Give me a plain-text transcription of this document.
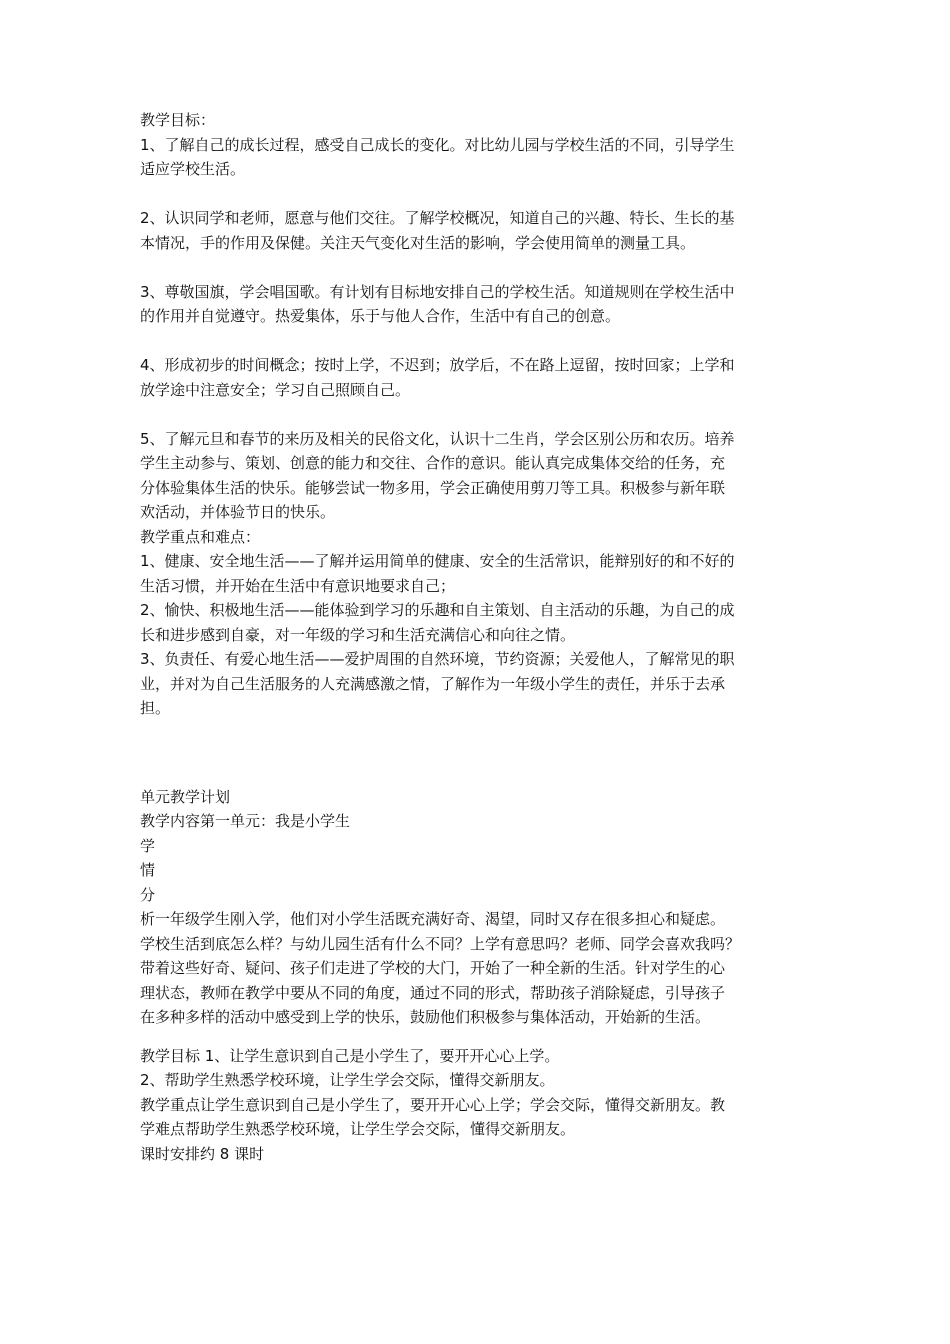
教学目标：
1、了解自己的成长过程，感受自己成长的变化。对比幼儿园与学校生活的不同，引导学生
适应学校生活。
2、认识同学和老师，愿意与他们交往。了解学校概况，知道自己的兴趣、特长、生长的基
本情况，手的作用及保健。关注天气变化对生活的影响，学会使用简单的测量工具。
3、尊敬国旗，学会唱国歌。有计划有目标地安排自己的学校生活。知道规则在学校生活中
的作用并自觉遵守。热爱集体，乐于与他人合作，生活中有自己的创意。
4、形成初步的时间概念；按时上学，不迟到；放学后，不在路上逗留，按时回家；上学和
放学途中注意安全；学习自己照顾自己。
5、了解元旦和春节的来历及相关的民俗文化，认识十二生肖，学会区别公历和农历。培养
学生主动参与、策划、创意的能力和交往、合作的意识。能认真完成集体交给的任务，充
分体验集体生活的快乐。能够尝试一物多用，学会正确使用剪刀等工具。积极参与新年联
欢活动，并体验节日的快乐。
教学重点和难点：
1、健康、安全地生活——了解并运用简单的健康、安全的生活常识，能辩别好的和不好的
生活习惯，并开始在生活中有意识地要求自己；
2、愉快、积极地生活——能体验到学习的乐趣和自主策划、自主活动的乐趣，为自己的成
长和进步感到自豪，对一年级的学习和生活充满信心和向往之情。
3、负责任、有爱心地生活——爱护周围的自然环境，节约资源；关爱他人，了解常见的职
业，并对为自己生活服务的人充满感激之情，了解作为一年级小学生的责任，并乐于去承
担。
单元教学计划
教学内容第一单元：我是小学生
学
情
分
析一年级学生刚入学，他们对小学生活既充满好奇、渴望，同时又存在很多担心和疑虑。
学校生活到底怎么样？与幼儿园生活有什么不同？上学有意思吗？老师、同学会喜欢我吗？
带着这些好奇、疑问、孩子们走进了学校的大门，开始了一种全新的生活。针对学生的心
理状态，教师在教学中要从不同的角度，通过不同的形式，帮助孩子消除疑虑，引导孩子
在多种多样的活动中感受到上学的快乐，鼓励他们积极参与集体活动，开始新的生活。
教学目标 1、让学生意识到自己是小学生了，要开开心心上学。
2、帮助学生熟悉学校环境，让学生学会交际，懂得交新朋友。
教学重点让学生意识到自己是小学生了，要开开心心上学；学会交际，懂得交新朋友。教
学难点帮助学生熟悉学校环境，让学生学会交际，懂得交新朋友。
课时安排约 8 课时
